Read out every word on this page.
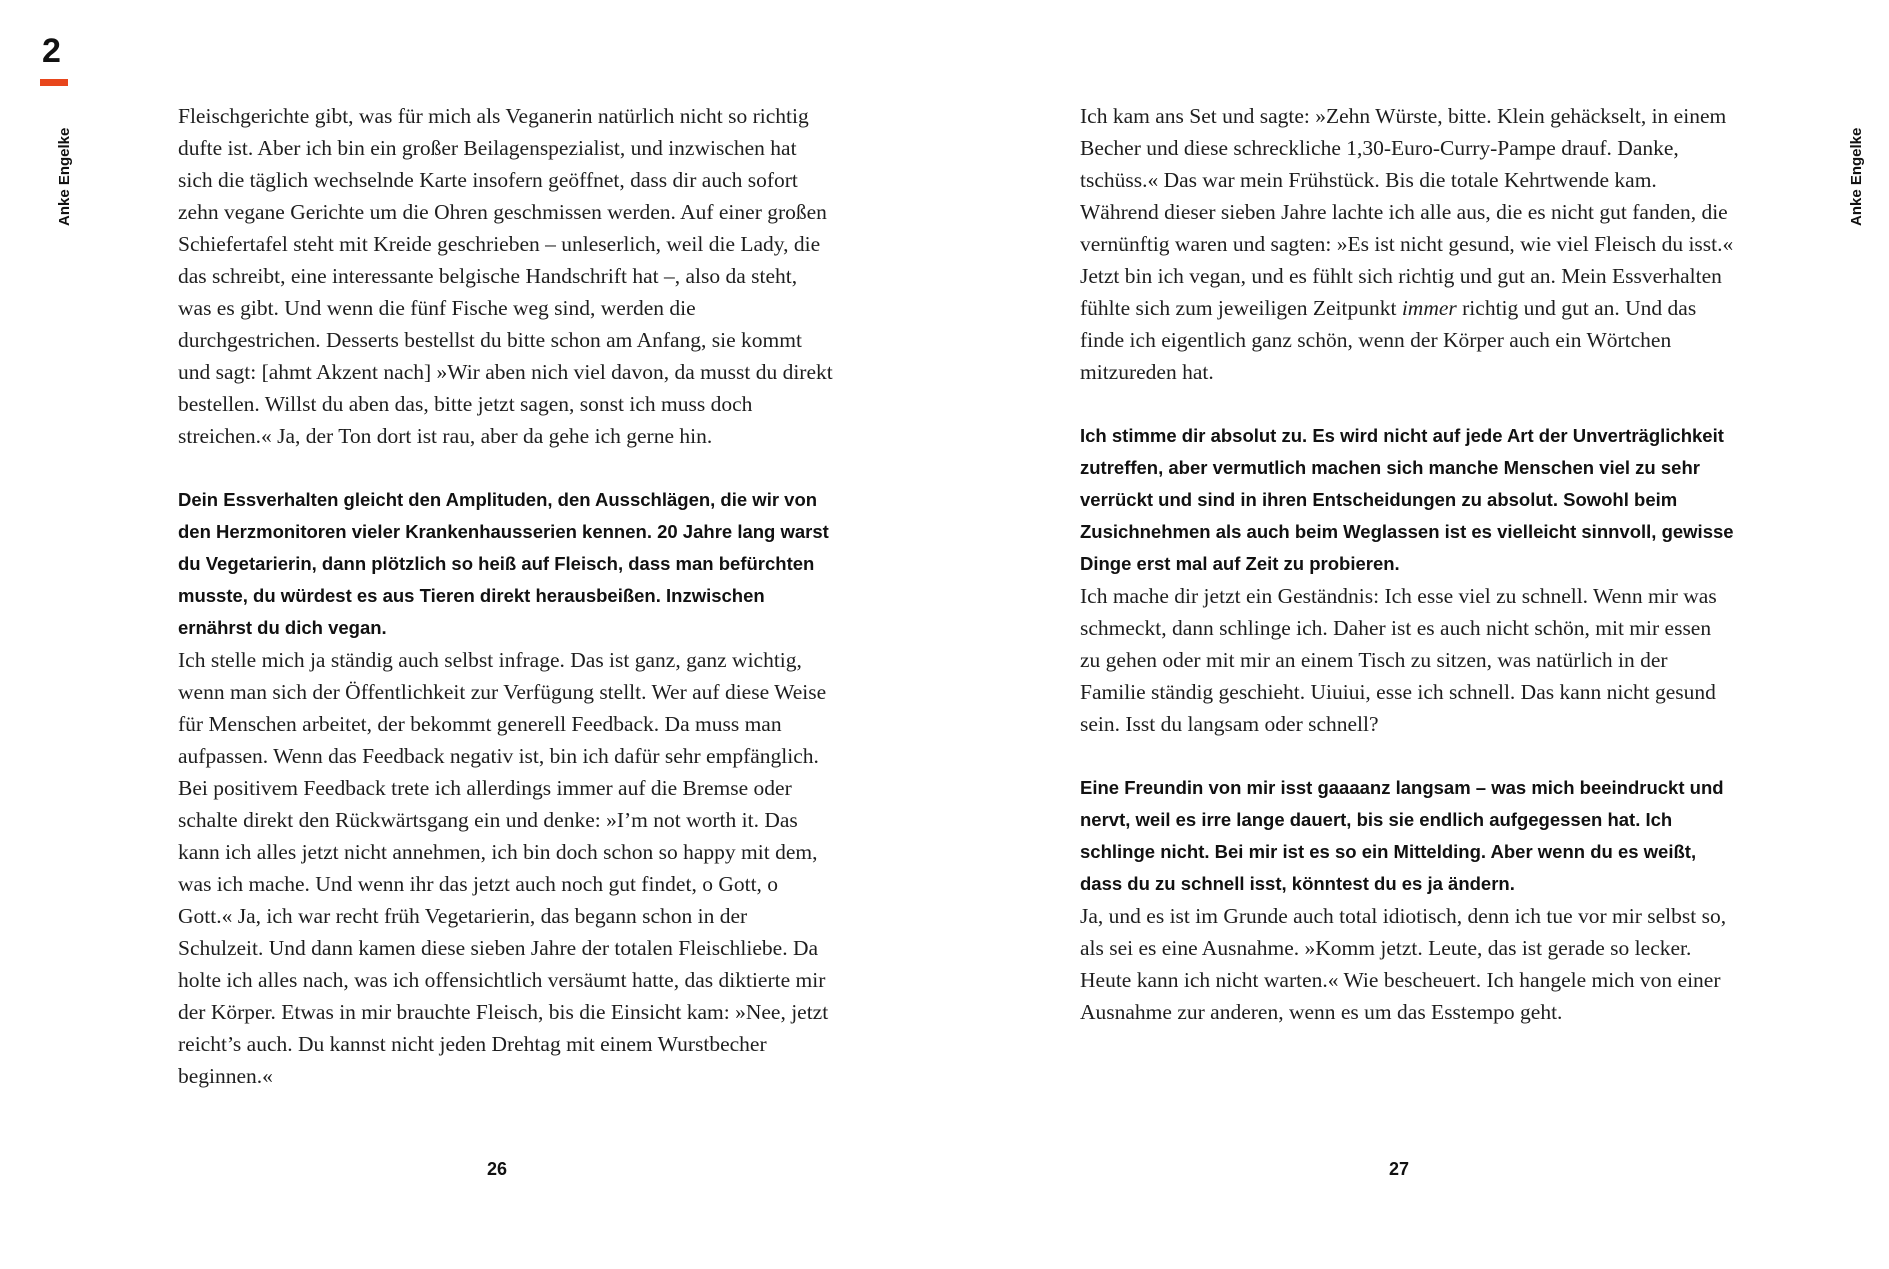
2
Anke Engelke	Anke Engelke

Fleischgerichte gibt, was für mich als Veganerin natürlich nicht so richtig dufte ist. Aber ich bin ein großer Beilagenspezialist, und inzwischen hat sich die täglich wechselnde Karte insofern geöffnet, dass dir auch sofort zehn vegane Gerichte um die Ohren geschmissen werden. Auf einer großen Schiefertafel steht mit Kreide geschrieben – unleserlich, weil die Lady, die das schreibt, eine interessante belgische Handschrift hat –, also da steht, was es gibt. Und wenn die fünf Fische weg sind, werden die durchgestrichen. Desserts bestellst du bitte schon am Anfang, sie kommt und sagt: [ahmt Akzent nach] »Wir aben nich viel davon, da musst du direkt bestellen. Willst du aben das, bitte jetzt sagen, sonst ich muss doch streichen.« Ja, der Ton dort ist rau, aber da gehe ich gerne hin.

Dein Essverhalten gleicht den Amplituden, den Ausschlägen, die wir von den Herzmonitoren vieler Krankenhausserien kennen. 20 Jahre lang warst du Vegetarierin, dann plötzlich so heiß auf Fleisch, dass man befürchten musste, du würdest es aus Tieren direkt herausbeißen. Inzwischen ernährst du dich vegan.

Ich stelle mich ja ständig auch selbst infrage. Das ist ganz, ganz wichtig, wenn man sich der Öffentlichkeit zur Verfügung stellt. Wer auf diese Weise für Menschen arbeitet, der bekommt generell Feedback. Da muss man aufpassen. Wenn das Feedback negativ ist, bin ich dafür sehr empfänglich. Bei positivem Feedback trete ich allerdings immer auf die Bremse oder schalte direkt den Rückwärtsgang ein und denke: »I’m not worth it. Das kann ich alles jetzt nicht annehmen, ich bin doch schon so happy mit dem, was ich mache. Und wenn ihr das jetzt auch noch gut findet, o Gott, o Gott.« Ja, ich war recht früh Vegetarierin, das begann schon in der Schulzeit. Und dann kamen diese sieben Jahre der totalen Fleischliebe. Da holte ich alles nach, was ich offensichtlich versäumt hatte, das diktierte mir der Körper. Etwas in mir brauchte Fleisch, bis die Einsicht kam: »Nee, jetzt reicht’s auch. Du kannst nicht jeden Drehtag mit einem Wurstbecher beginnen.«

Ich kam ans Set und sagte: »Zehn Würste, bitte. Klein gehäckselt, in einem Becher und diese schreckliche 1,30-Euro-Curry-Pampe drauf. Danke, tschüss.« Das war mein Frühstück. Bis die totale Kehrtwende kam. Während dieser sieben Jahre lachte ich alle aus, die es nicht gut fanden, die vernünftig waren und sagten: »Es ist nicht gesund, wie viel Fleisch du isst.« Jetzt bin ich vegan, und es fühlt sich richtig und gut an. Mein Essverhalten fühlte sich zum jeweiligen Zeitpunkt immer richtig und gut an. Und das finde ich eigentlich ganz schön, wenn der Körper auch ein Wörtchen mitzureden hat.

Ich stimme dir absolut zu. Es wird nicht auf jede Art der Unverträglichkeit zutreffen, aber vermutlich machen sich manche Menschen viel zu sehr verrückt und sind in ihren Entscheidungen zu absolut. Sowohl beim Zusichnehmen als auch beim Weglassen ist es vielleicht sinnvoll, gewisse Dinge erst mal auf Zeit zu probieren.

Ich mache dir jetzt ein Geständnis: Ich esse viel zu schnell. Wenn mir was schmeckt, dann schlinge ich. Daher ist es auch nicht schön, mit mir essen zu gehen oder mit mir an einem Tisch zu sitzen, was natürlich in der Familie ständig geschieht. Uiuiui, esse ich schnell. Das kann nicht gesund sein. Isst du langsam oder schnell?

Eine Freundin von mir isst gaaaanz langsam – was mich beeindruckt und nervt, weil es irre lange dauert, bis sie endlich aufgegessen hat. Ich schlinge nicht. Bei mir ist es so ein Mittelding. Aber wenn du es weißt, dass du zu schnell isst, könntest du es ja ändern.

Ja, und es ist im Grunde auch total idiotisch, denn ich tue vor mir selbst so, als sei es eine Ausnahme. »Komm jetzt. Leute, das ist gerade so lecker. Heute kann ich nicht warten.« Wie bescheuert. Ich hangele mich von einer Ausnahme zur anderen, wenn es um das Esstempo geht.

26	27
